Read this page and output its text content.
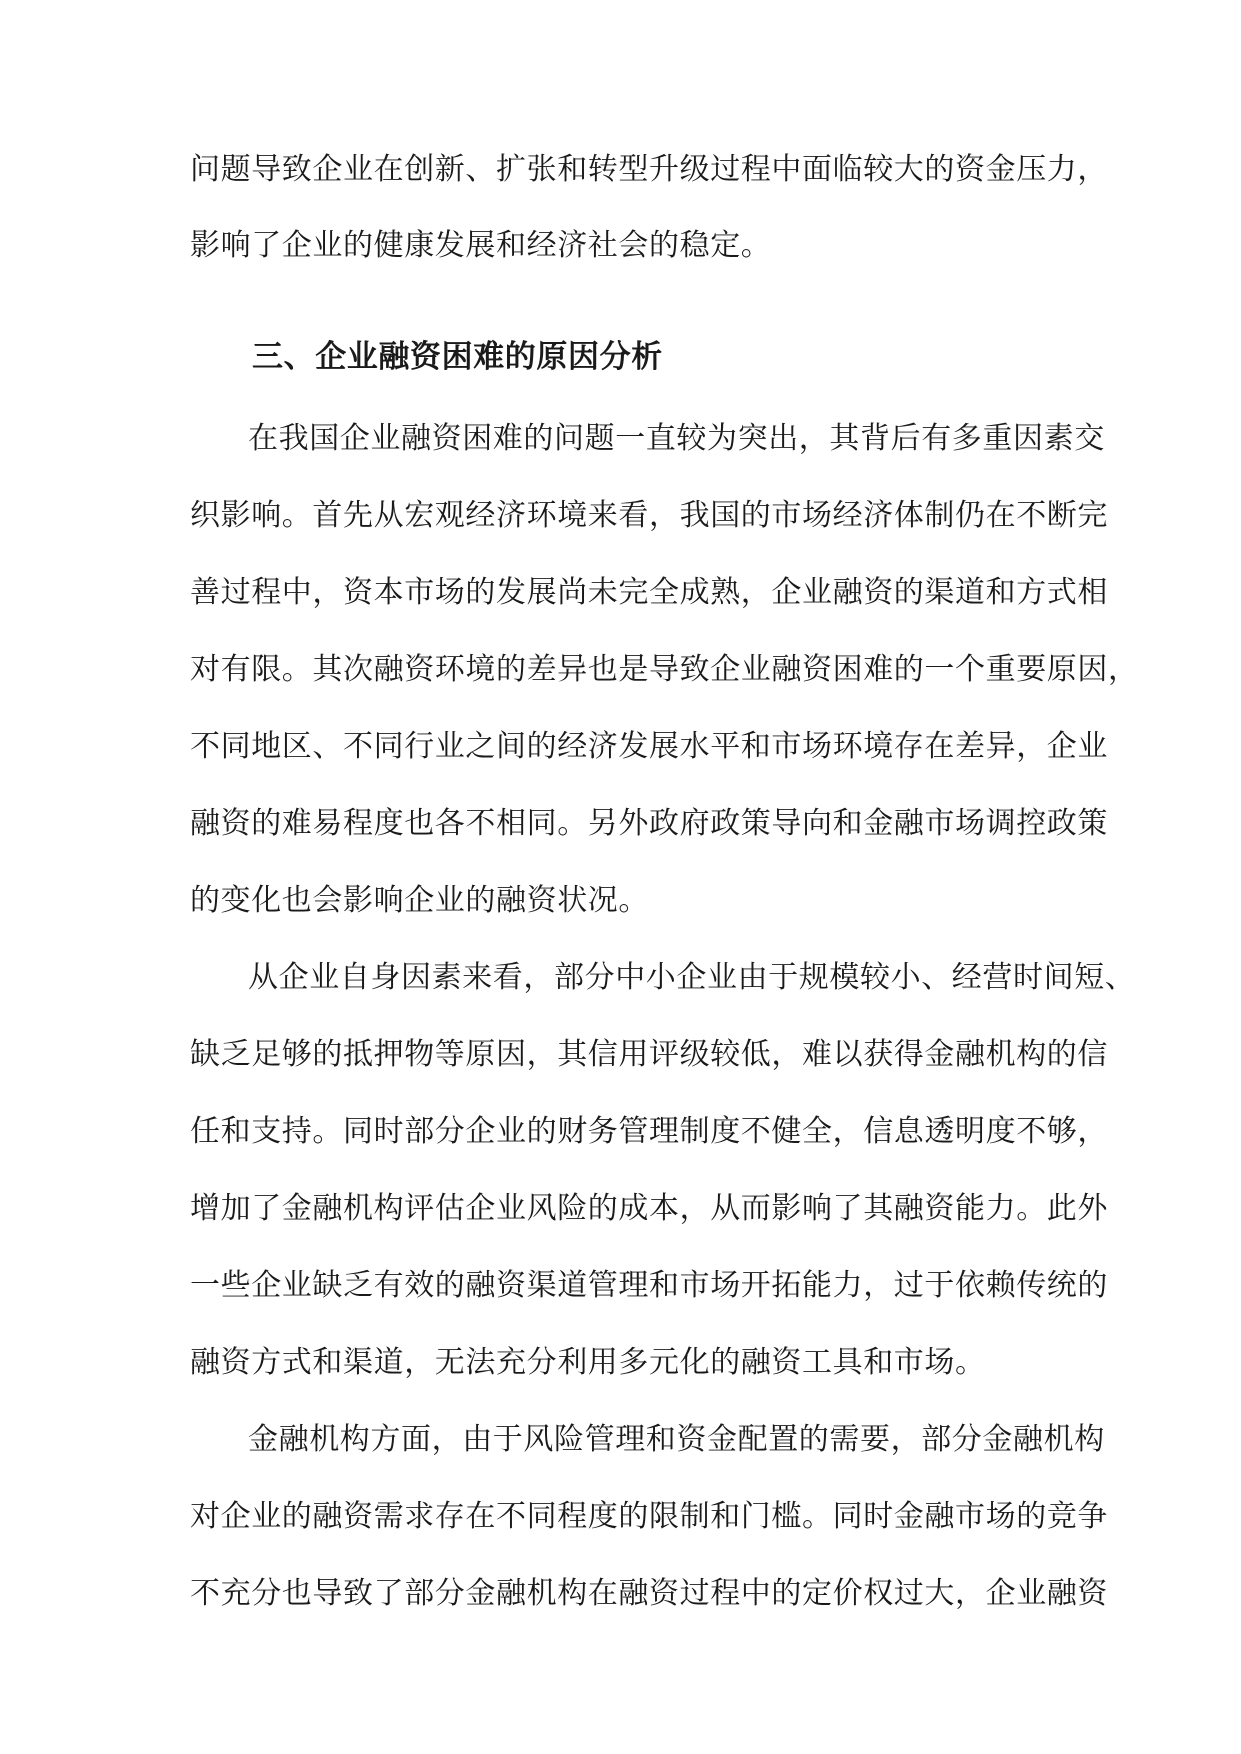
问题导致企业在创新、扩张和转型升级过程中面临较大的资金压力，
影响了企业的健康发展和经济社会的稳定。
三、企业融资困难的原因分析
在我国企业融资困难的问题一直较为突出，其背后有多重因素交
织影响。首先从宏观经济环境来看，我国的市场经济体制仍在不断完
善过程中，资本市场的发展尚未完全成熟，企业融资的渠道和方式相
对有限。其次融资环境的差异也是导致企业融资困难的一个重要原因，
不同地区、不同行业之间的经济发展水平和市场环境存在差异，企业
融资的难易程度也各不相同。另外政府政策导向和金融市场调控政策
的变化也会影响企业的融资状况。
从企业自身因素来看，部分中小企业由于规模较小、经营时间短、
缺乏足够的抵押物等原因，其信用评级较低，难以获得金融机构的信
任和支持。同时部分企业的财务管理制度不健全，信息透明度不够，
增加了金融机构评估企业风险的成本，从而影响了其融资能力。此外
一些企业缺乏有效的融资渠道管理和市场开拓能力，过于依赖传统的
融资方式和渠道，无法充分利用多元化的融资工具和市场。
金融机构方面，由于风险管理和资金配置的需要，部分金融机构
对企业的融资需求存在不同程度的限制和门槛。同时金融市场的竞争
不充分也导致了部分金融机构在融资过程中的定价权过大，企业融资
